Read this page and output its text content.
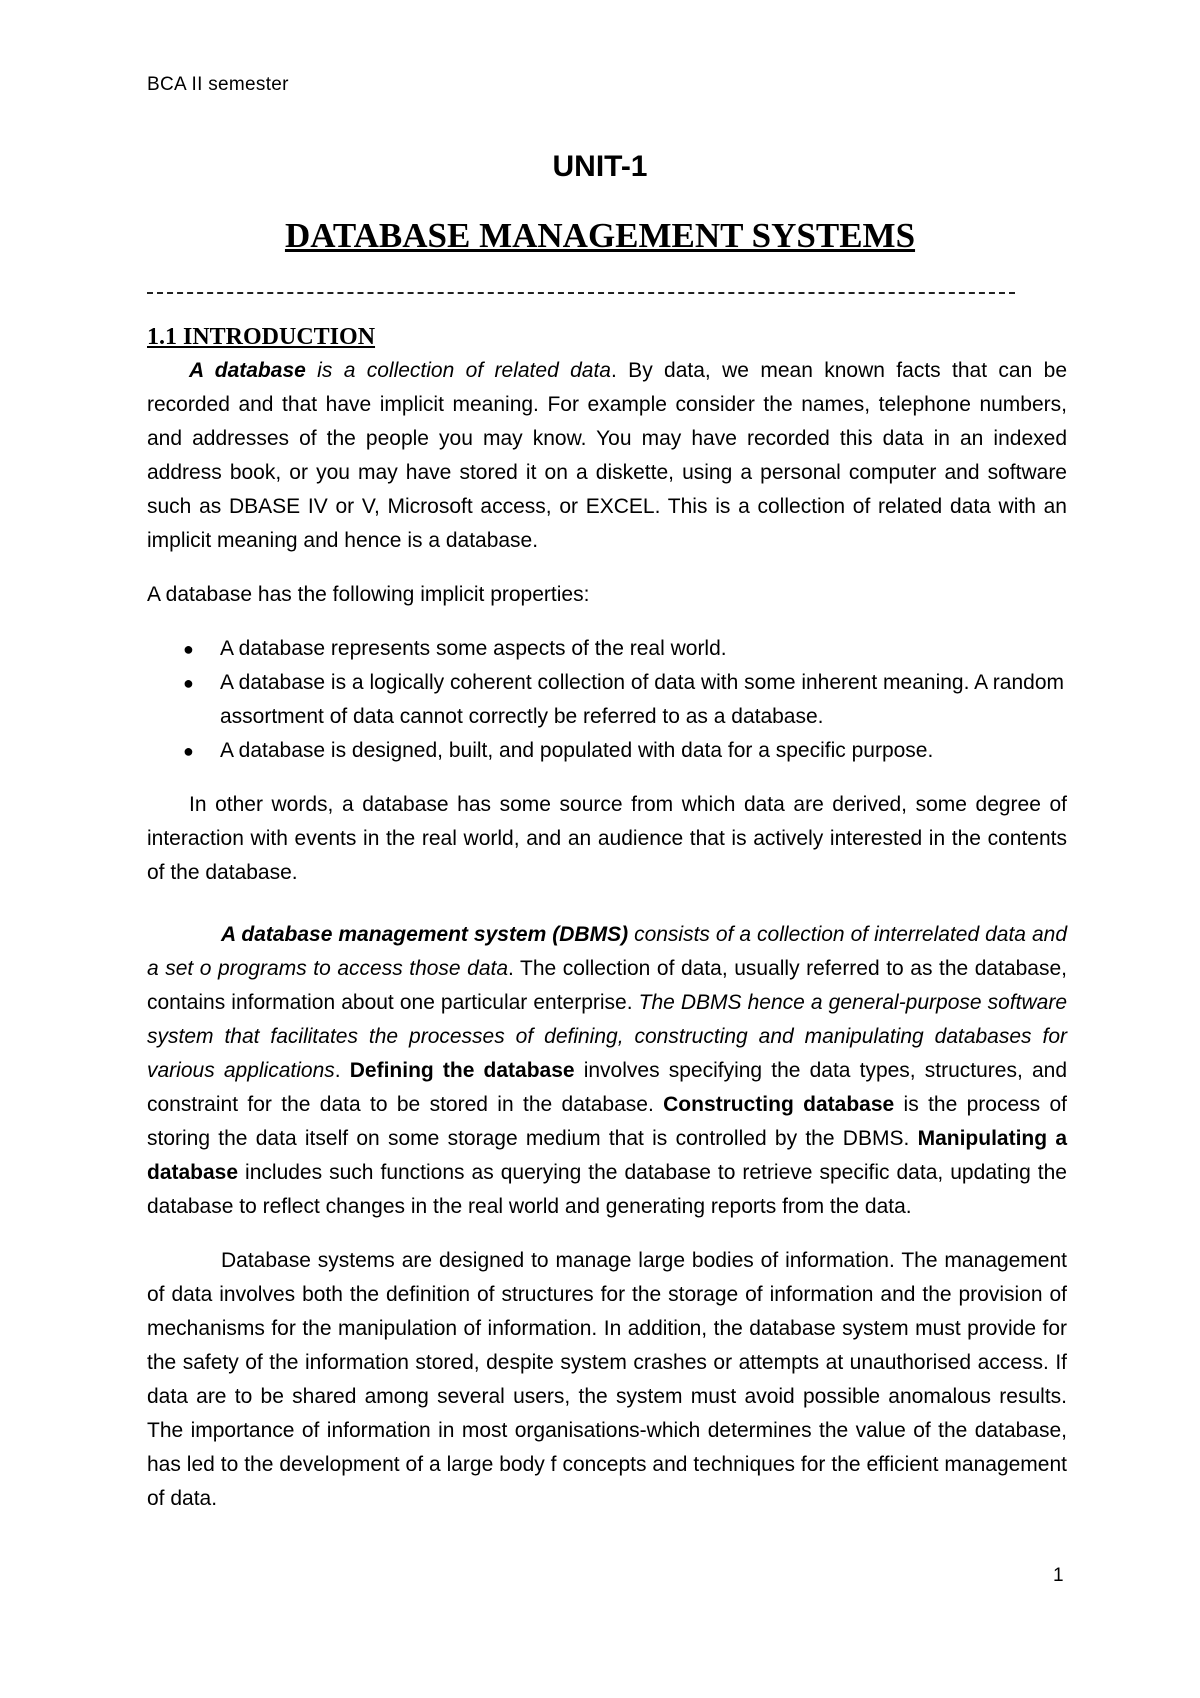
BCA II semester
UNIT-1
DATABASE MANAGEMENT SYSTEMS
1.1 INTRODUCTION

A database is a collection of related data. By data, we mean known facts that can be recorded and that have implicit meaning. For example consider the names, telephone numbers, and addresses of the people you may know. You may have recorded this data in an indexed address book, or you may have stored it on a diskette, using a personal computer and software such as DBASE IV or V, Microsoft access, or EXCEL. This is a collection of related data with an implicit meaning and hence is a database.

A database has the following implicit properties:

● A database represents some aspects of the real world.
● A database is a logically coherent collection of data with some inherent meaning. A random assortment of data cannot correctly be referred to as a database.
● A database is designed, built, and populated with data for a specific purpose.

In other words, a database has some source from which data are derived, some degree of interaction with events in the real world, and an audience that is actively interested in the contents of the database.

A database management system (DBMS) consists of a collection of interrelated data and a set o programs to access those data. The collection of data, usually referred to as the database, contains information about one particular enterprise. The DBMS hence a general-purpose software system that facilitates the processes of defining, constructing and manipulating databases for various applications. Defining the database involves specifying the data types, structures, and constraint for the data to be stored in the database. Constructing database is the process of storing the data itself on some storage medium that is controlled by the DBMS. Manipulating a database includes such functions as querying the database to retrieve specific data, updating the database to reflect changes in the real world and generating reports from the data.

Database systems are designed to manage large bodies of information. The management of data involves both the definition of structures for the storage of information and the provision of mechanisms for the manipulation of information. In addition, the database system must provide for the safety of the information stored, despite system crashes or attempts at unauthorised access. If data are to be shared among several users, the system must avoid possible anomalous results. The importance of information in most organisations-which determines the value of the database, has led to the development of a large body f concepts and techniques for the efficient management of data.

1
